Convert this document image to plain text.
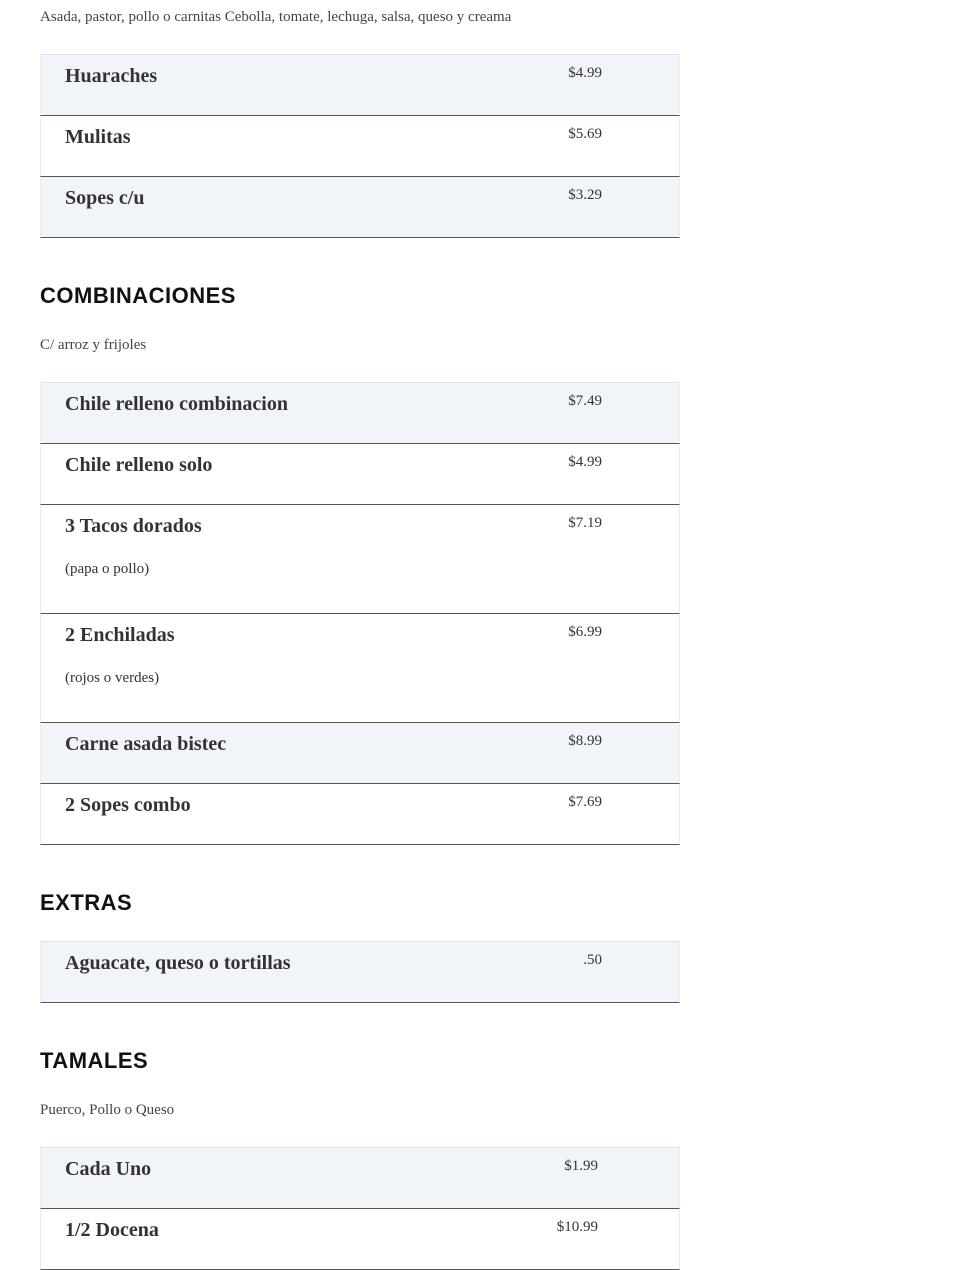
Asada, pastor, pollo o carnitas Cebolla, tomate, lechuga, salsa, queso y creama

Huaraches	$4.99

Mulitas	$5.69

Sopes c/u	$3.29
COMBINACIONES

C/ arroz y frijoles

Chile relleno combinacion	$7.49

Chile relleno solo	$4.99

3 Tacos dorados	$7.19
(papa o pollo)

2 Enchiladas	$6.99
(rojos o verdes)

Carne asada bistec	$8.99

2 Sopes combo	$7.69
EXTRAS

Aguacate, queso o tortillas	.50
TAMALES

Puerco, Pollo o Queso

Cada Uno	$1.99

1/2 Docena	$10.99
